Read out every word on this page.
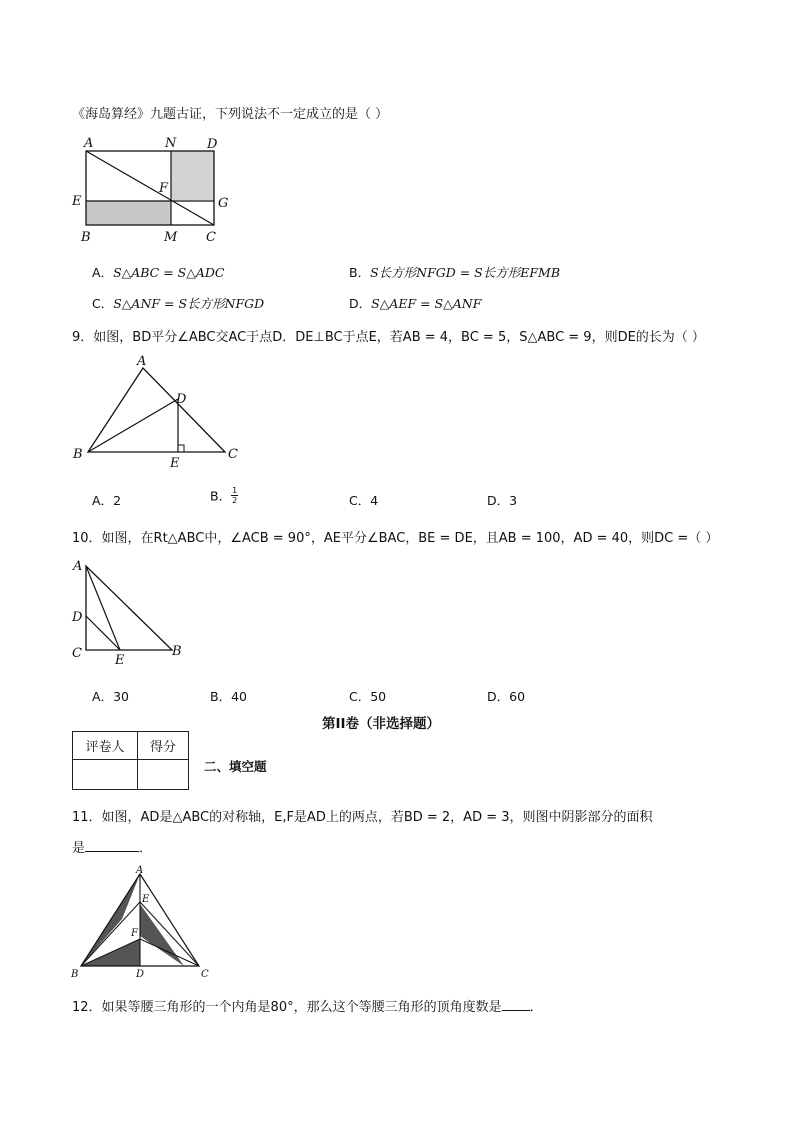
《海岛算经》九题古证，下列说法不一定成立的是（ ）
A	N D
E
F
G
B	M C
A．S△ABC = S△ADC	B．S长方形NFGD = S长方形EFMB
C．S△ANF = S长方形NFGD	D．S△AEF = S△ANF
9．如图，BD平分∠ABC交AC于点D．DE⊥BC于点E，若AB = 4，BC = 5，S△ABC = 9，则DE的长为（ ）
A
D
B
E
C
A．2	B． $\frac{1}{2}$	C．4	D．3
10．如图，在Rt△ABC中，∠ACB = 90°，AE平分∠BAC，BE = DE，且AB = 100，AD = 40，则DC =（ ）
A
D
C	E
B
A．30	B．40	C．50	D．60
第II卷（非选择题）
评卷人	得分

二、填空题
11．如图，AD是△ABC的对称轴，E,F是AD上的两点，若BD = 2，AD = 3，则图中阴影部分的面积
是	．
A
E
F
B	D	C
12．如果等腰三角形的一个内角是80°，那么这个等腰三角形的顶角度数是 ．
